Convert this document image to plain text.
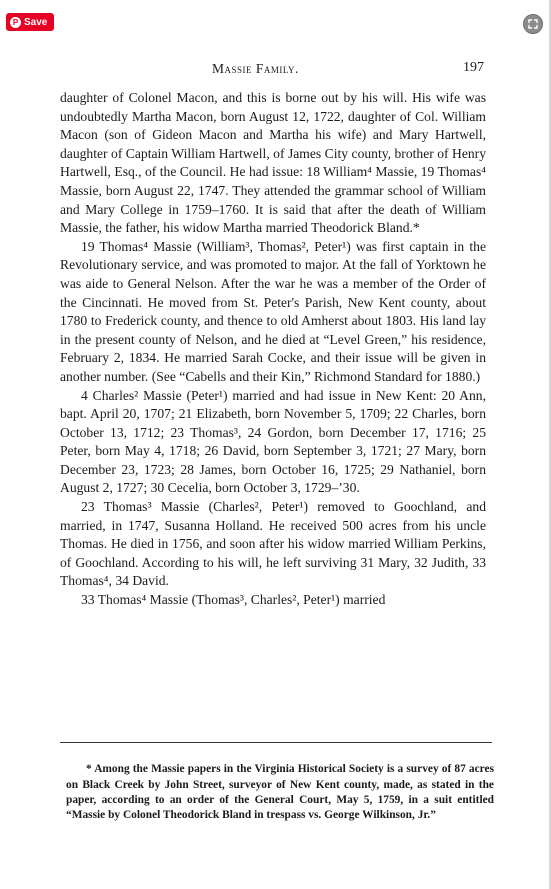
P Save
Massie Family.	197

daughter of Colonel Macon, and this is borne out by his will. His wife was undoubtedly Martha Macon, born August 12, 1722, daughter of Col. William Macon (son of Gideon Macon and Martha his wife) and Mary Hartwell, daughter of Captain William Hartwell, of James City county, brother of Henry Hartwell, Esq., of the Council. He had issue: 18 William⁴ Massie, 19 Thomas⁴ Massie, born August 22, 1747. They attended the grammar school of William and Mary College in 1759–1760. It is said that after the death of William Massie, the father, his widow Martha married Theodorick Bland.*

19 Thomas⁴ Massie (William³, Thomas², Peter¹) was first captain in the Revolutionary service, and was promoted to major. At the fall of Yorktown he was aide to General Nelson. After the war he was a member of the Order of the Cincinnati. He moved from St. Peter's Parish, New Kent county, about 1780 to Frederick county, and thence to old Amherst about 1803. His land lay in the present county of Nelson, and he died at “Level Green,” his residence, February 2, 1834. He married Sarah Cocke, and their issue will be given in another number. (See “Cabells and their Kin,” Richmond Standard for 1880.)

4 Charles² Massie (Peter¹) married and had issue in New Kent: 20 Ann, bapt. April 20, 1707; 21 Elizabeth, born November 5, 1709; 22 Charles, born October 13, 1712; 23 Thomas³, 24 Gordon, born December 17, 1716; 25 Peter, born May 4, 1718; 26 David, born September 3, 1721; 27 Mary, born December 23, 1723; 28 James, born October 16, 1725; 29 Nathaniel, born August 2, 1727; 30 Cecelia, born October 3, 1729–’30.

23 Thomas³ Massie (Charles², Peter¹) removed to Goochland, and married, in 1747, Susanna Holland. He received 500 acres from his uncle Thomas. He died in 1756, and soon after his widow married William Perkins, of Goochland. According to his will, he left surviving 31 Mary, 32 Judith, 33 Thomas⁴, 34 David.

33 Thomas⁴ Massie (Thomas³, Charles², Peter¹) married

* Among the Massie papers in the Virginia Historical Society is a survey of 87 acres on Black Creek by John Street, surveyor of New Kent county, made, as stated in the paper, according to an order of the General Court, May 5, 1759, in a suit entitled “Massie by Colonel Theodorick Bland in trespass vs. George Wilkinson, Jr.”
